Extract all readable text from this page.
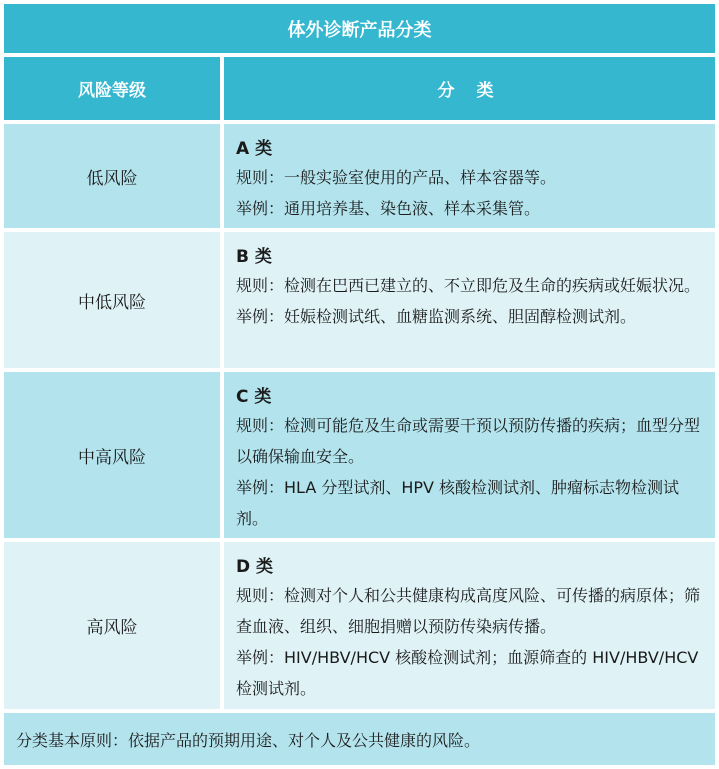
体外诊断产品分类
风险等级	分 类
低风险
A 类
规则：一般实验室使用的产品、样本容器等。
举例：通用培养基、染色液、样本采集管。
中低风险
B 类
规则：检测在巴西已建立的、不立即危及生命的疾病或妊娠状况。
举例：妊娠检测试纸、血糖监测系统、胆固醇检测试剂。
中高风险
C 类
规则：检测可能危及生命或需要干预以预防传播的疾病；血型分型以确保输血安全。
举例：HLA 分型试剂、HPV 核酸检测试剂、肿瘤标志物检测试剂。
高风险
D 类
规则：检测对个人和公共健康构成高度风险、可传播的病原体；筛查血液、组织、细胞捐赠以预防传染病传播。
举例：HIV/HBV/HCV 核酸检测试剂；血源筛查的 HIV/HBV/HCV 检测试剂。
分类基本原则：依据产品的预期用途、对个人及公共健康的风险。
